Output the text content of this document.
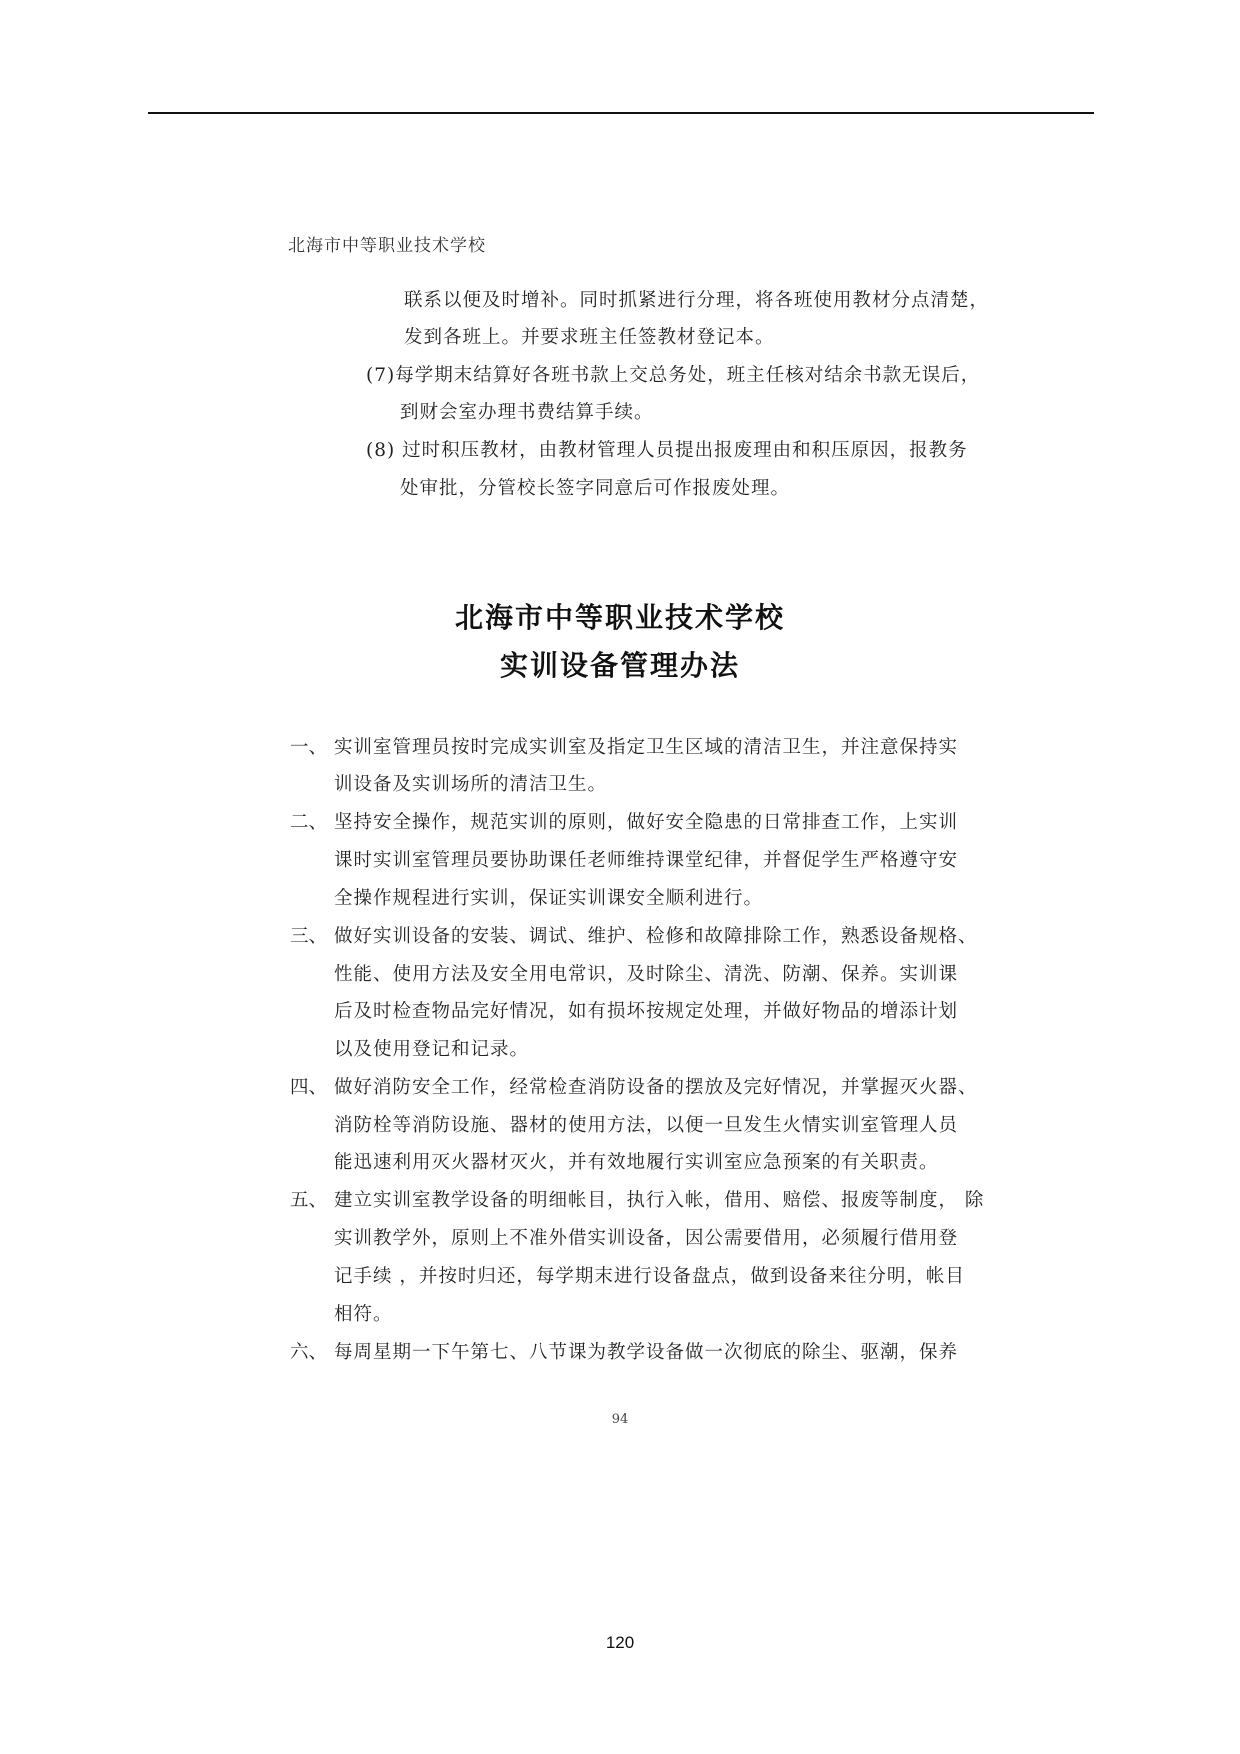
北海市中等职业技术学校
联系以便及时增补。同时抓紧进行分理，将各班使用教材分点清楚，
发到各班上。并要求班主任签教材登记本。
(7)每学期末结算好各班书款上交总务处，班主任核对结余书款无误后，
到财会室办理书费结算手续。
(8) 过时积压教材，由教材管理人员提出报废理由和积压原因，报教务
处审批，分管校长签字同意后可作报废处理。
北海市中等职业技术学校
实训设备管理办法
一、 实训室管理员按时完成实训室及指定卫生区域的清洁卫生，并注意保持实
训设备及实训场所的清洁卫生。
二、 坚持安全操作，规范实训的原则，做好安全隐患的日常排查工作，上实训
课时实训室管理员要协助课任老师维持课堂纪律，并督促学生严格遵守安
全操作规程进行实训，保证实训课安全顺利进行。
三、 做好实训设备的安装、调试、维护、检修和故障排除工作，熟悉设备规格、
性能、使用方法及安全用电常识，及时除尘、清洗、防潮、保养。实训课
后及时检查物品完好情况，如有损坏按规定处理，并做好物品的增添计划
以及使用登记和记录。
四、 做好消防安全工作，经常检查消防设备的摆放及完好情况，并掌握灭火器、
消防栓等消防设施、器材的使用方法，以便一旦发生火情实训室管理人员
能迅速利用灭火器材灭火，并有效地履行实训室应急预案的有关职责。
五、 建立实训室教学设备的明细帐目，执行入帐，借用、赔偿、报废等制度， 除
实训教学外，原则上不准外借实训设备，因公需要借用，必须履行借用登
记手续 ，并按时归还，每学期末进行设备盘点，做到设备来往分明，帐目
相符。
六、 每周星期一下午第七、八节课为教学设备做一次彻底的除尘、驱潮，保养
94
120
